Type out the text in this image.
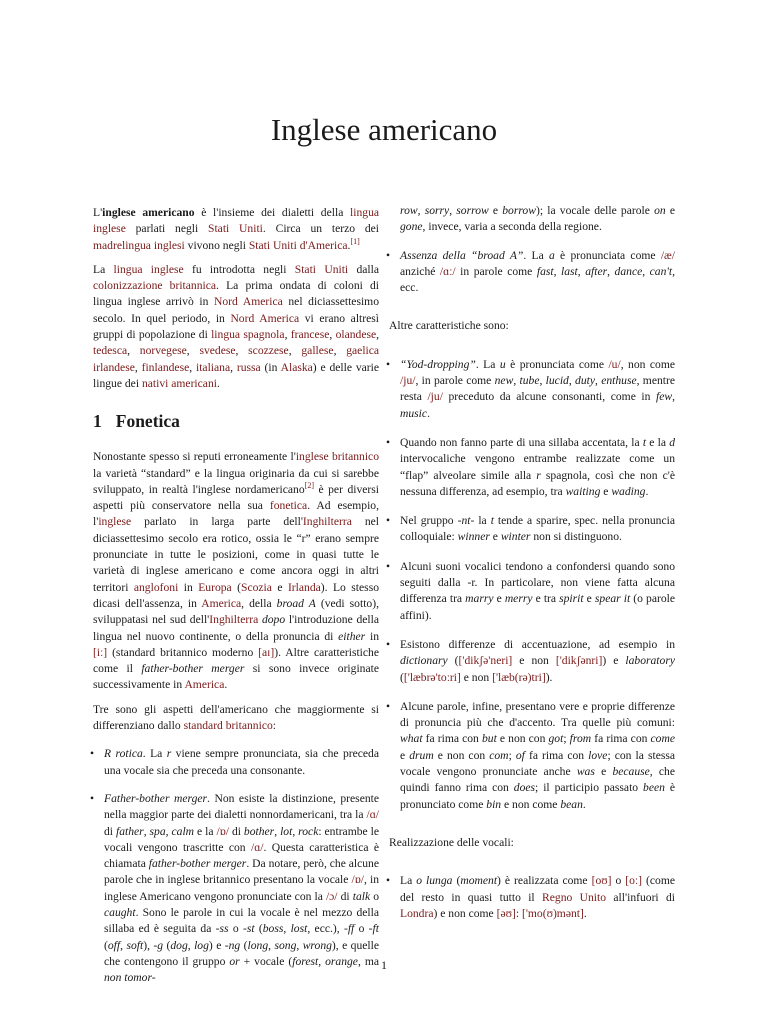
Inglese americano

L'inglese americano è l'insieme dei dialetti della lingua inglese parlati negli Stati Uniti. Circa un terzo dei madrelingua inglesi vivono negli Stati Uniti d'America.[1]

La lingua inglese fu introdotta negli Stati Uniti dalla colonizzazione britannica. La prima ondata di coloni di lingua inglese arrivò in Nord America nel diciassettesimo secolo. In quel periodo, in Nord America vi erano altresì gruppi di popolazione di lingua spagnola, francese, olandese, tedesca, norvegese, svedese, scozzese, gallese, gaelica irlandese, finlandese, italiana, russa (in Alaska) e delle varie lingue dei nativi americani.

1 Fonetica

Nonostante spesso si reputi erroneamente l'inglese britannico la varietà “standard” e la lingua originaria da cui si sarebbe sviluppato, in realtà l'inglese nordamericano[2] è per diversi aspetti più conservatore nella sua fonetica. Ad esempio, l'inglese parlato in larga parte dell'Inghilterra nel diciassettesimo secolo era rotico, ossia le “r” erano sempre pronunciate in tutte le posizioni, come in quasi tutte le varietà di inglese americano e come ancora oggi in altri territori anglofoni in Europa (Scozia e Irlanda). Lo stesso dicasi dell'assenza, in America, della broad A (vedi sotto), sviluppatasi nel sud dell'Inghilterra dopo l'introduzione della lingua nel nuovo continente, o della pronuncia di either in [iː] (standard britannico moderno [aɪ]). Altre caratteristiche come il father-bother merger si sono invece originate successivamente in America.

Tre sono gli aspetti dell'americano che maggiormente si differenziano dallo standard britannico:

• R rotica. La r viene sempre pronunciata, sia che preceda una vocale sia che preceda una consonante.
• Father-bother merger. Non esiste la distinzione, presente nella maggior parte dei dialetti nonnordamericani, tra la /ɑ/ di father, spa, calm e la /ɒ/ di bother, lot, rock: entrambe le vocali vengono trascritte con /ɑ/. Questa caratteristica è chiamata father-bother merger. Da notare, però, che alcune parole che in inglese britannico presentano la vocale /ɒ/, in inglese Americano vengono pronunciate con la /ɔ/ di talk o caught. Sono le parole in cui la vocale è nel mezzo della sillaba ed è seguita da -ss o -st (boss, lost, ecc.), -ff o -ft (off, soft), -g (dog, log) e -ng (long, song, wrong), e quelle che contengono il gruppo or + vocale (forest, orange, ma non tomor-

row, sorry, sorrow e borrow); la vocale delle parole on e gone, invece, varia a seconda della regione.

• Assenza della “broad A”. La a è pronunciata come /æ/ anziché /ɑː/ in parole come fast, last, after, dance, can't, ecc.

Altre caratteristiche sono:

• “Yod-dropping”. La u è pronunciata come /u/, non come /ju/, in parole come new, tube, lucid, duty, enthuse, mentre resta /ju/ preceduto da alcune consonanti, come in few, music.
• Quando non fanno parte di una sillaba accentata, la t e la d intervocaliche vengono entrambe realizzate come un “flap” alveolare simile alla r spagnola, così che non c'è nessuna differenza, ad esempio, tra waiting e wading.
• Nel gruppo -nt- la t tende a sparire, spec. nella pronuncia colloquiale: winner e winter non si distinguono.
• Alcuni suoni vocalici tendono a confondersi quando sono seguiti dalla -r. In particolare, non viene fatta alcuna differenza tra marry e merry e tra spirit e spear it (o parole affini).
• Esistono differenze di accentuazione, ad esempio in dictionary (['dikʃə'neri] e non ['dikʃənri]) e laboratory (['læbrə'toːri] e non ['læb(rə)tri]).
• Alcune parole, infine, presentano vere e proprie differenze di pronuncia più che d'accento. Tra quelle più comuni: what fa rima con but e non con got; from fa rima con come e drum e non con com; of fa rima con love; con la stessa vocale vengono pronunciate anche was e because, che quindi fanno rima con does; il participio passato been è pronunciato come bin e non come bean.

Realizzazione delle vocali:

• La o lunga (moment) è realizzata come [oʊ] o [oː] (come del resto in quasi tutto il Regno Unito all'infuori di Londra) e non come [əʊ]: ['mo(ʊ)mənt].
1
